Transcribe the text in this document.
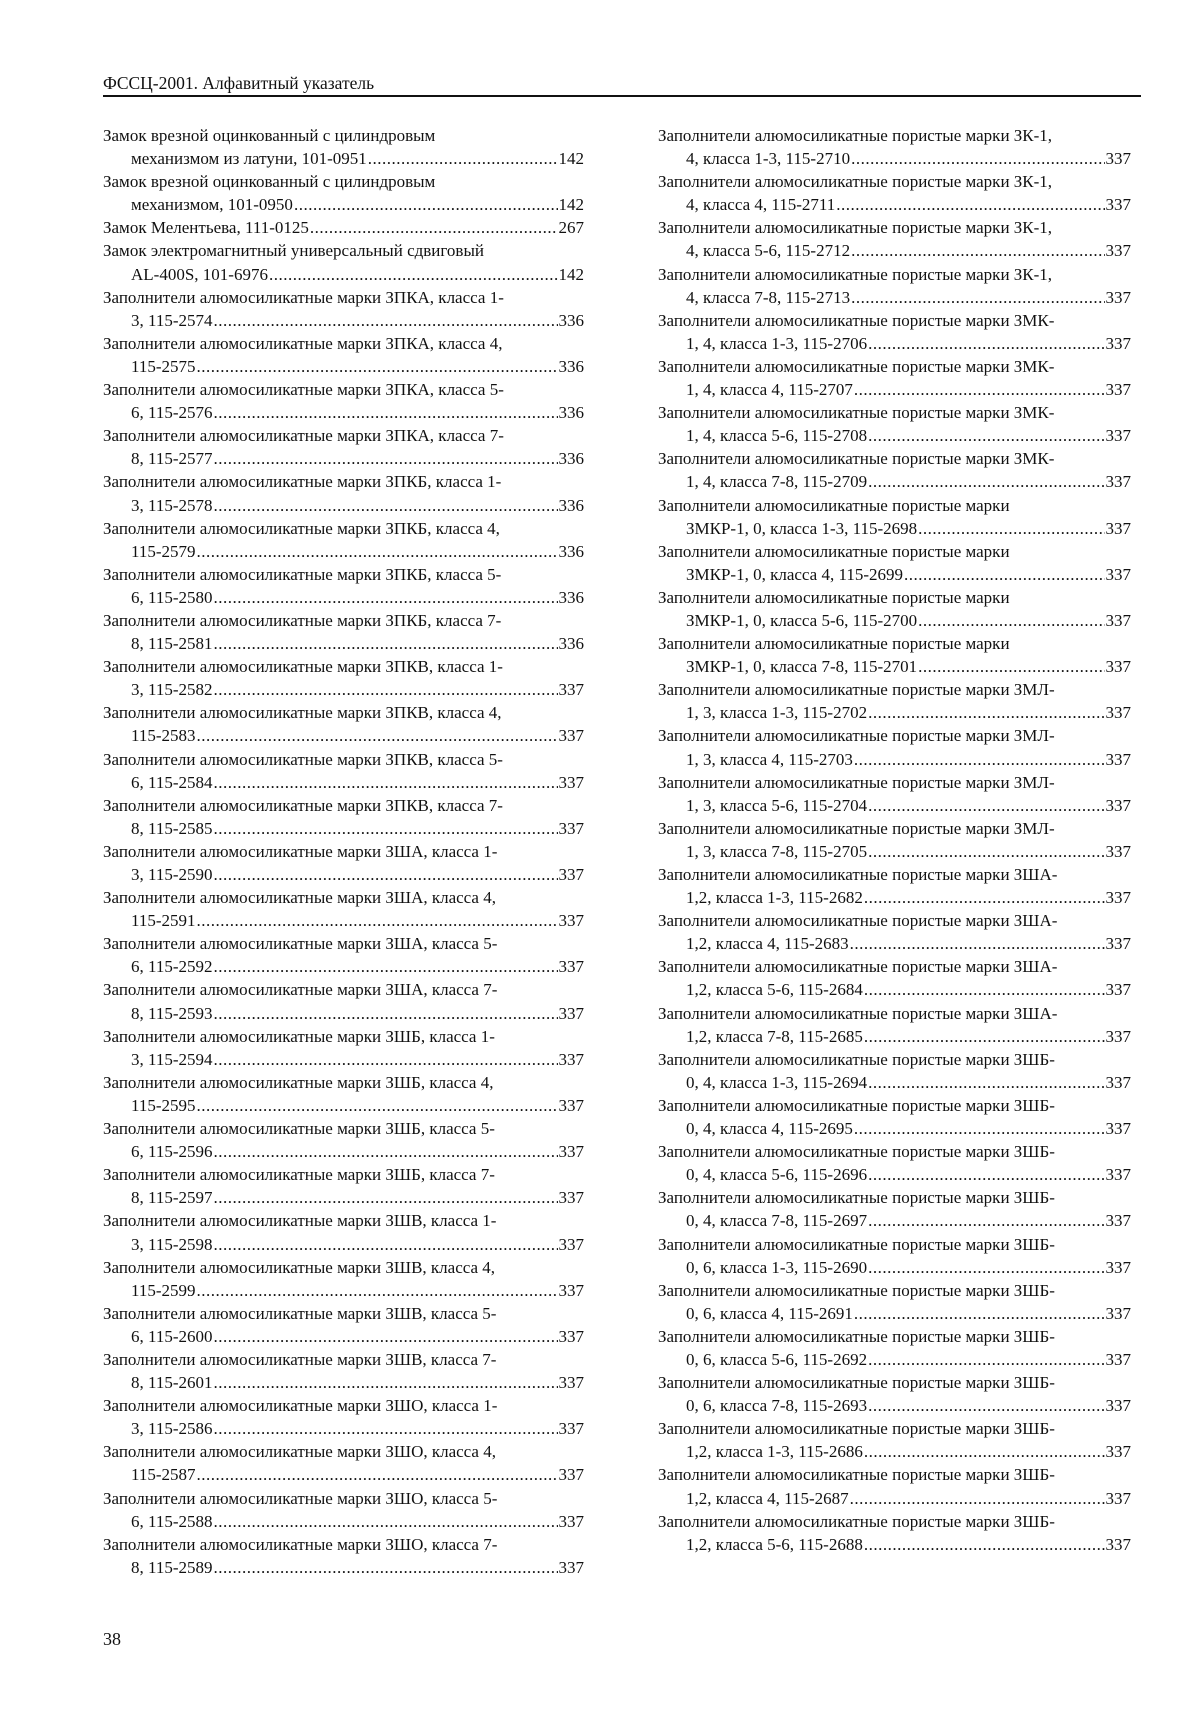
ФССЦ-2001. Алфавитный указатель
Замок врезной оцинкованный с цилиндровым
механизмом из латуни, 101-0951 .....	142
Замок врезной оцинкованный с цилиндровым
механизмом, 101-0950 .....	142
Замок Мелентьева, 111-0125 .....	267
Замок электромагнитный универсальный сдвиговый
AL-400S, 101-6976 .....	142
Заполнители алюмосиликатные марки ЗПКА, класса 1-
3, 115-2574 .....	336
Заполнители алюмосиликатные марки ЗПКА, класса 4,
115-2575 .....	336
Заполнители алюмосиликатные марки ЗПКА, класса 5-
6, 115-2576 .....	336
Заполнители алюмосиликатные марки ЗПКА, класса 7-
8, 115-2577 .....	336
Заполнители алюмосиликатные марки ЗПКБ, класса 1-
3, 115-2578 .....	336
Заполнители алюмосиликатные марки ЗПКБ, класса 4,
115-2579 .....	336
Заполнители алюмосиликатные марки ЗПКБ, класса 5-
6, 115-2580 .....	336
Заполнители алюмосиликатные марки ЗПКБ, класса 7-
8, 115-2581 .....	336
Заполнители алюмосиликатные марки ЗПКВ, класса 1-
3, 115-2582 .....	337
Заполнители алюмосиликатные марки ЗПКВ, класса 4,
115-2583 .....	337
Заполнители алюмосиликатные марки ЗПКВ, класса 5-
6, 115-2584 .....	337
Заполнители алюмосиликатные марки ЗПКВ, класса 7-
8, 115-2585 .....	337
Заполнители алюмосиликатные марки ЗША, класса 1-
3, 115-2590 .....	337
Заполнители алюмосиликатные марки ЗША, класса 4,
115-2591 .....	337
Заполнители алюмосиликатные марки ЗША, класса 5-
6, 115-2592 .....	337
Заполнители алюмосиликатные марки ЗША, класса 7-
8, 115-2593 .....	337
Заполнители алюмосиликатные марки ЗШБ, класса 1-
3, 115-2594 .....	337
Заполнители алюмосиликатные марки ЗШБ, класса 4,
115-2595 .....	337
Заполнители алюмосиликатные марки ЗШБ, класса 5-
6, 115-2596 .....	337
Заполнители алюмосиликатные марки ЗШБ, класса 7-
8, 115-2597 .....	337
Заполнители алюмосиликатные марки ЗШВ, класса 1-
3, 115-2598 .....	337
Заполнители алюмосиликатные марки ЗШВ, класса 4,
115-2599 .....	337
Заполнители алюмосиликатные марки ЗШВ, класса 5-
6, 115-2600 .....	337
Заполнители алюмосиликатные марки ЗШВ, класса 7-
8, 115-2601 .....	337
Заполнители алюмосиликатные марки ЗШО, класса 1-
3, 115-2586 .....	337
Заполнители алюмосиликатные марки ЗШО, класса 4,
115-2587 .....	337
Заполнители алюмосиликатные марки ЗШО, класса 5-
6, 115-2588 .....	337
Заполнители алюмосиликатные марки ЗШО, класса 7-
8, 115-2589 .....	337
Заполнители алюмосиликатные пористые марки ЗК-1,
4, класса 1-3, 115-2710 .....	337
Заполнители алюмосиликатные пористые марки ЗК-1,
4, класса 4, 115-2711 .....	337
Заполнители алюмосиликатные пористые марки ЗК-1,
4, класса 5-6, 115-2712 .....	337
Заполнители алюмосиликатные пористые марки ЗК-1,
4, класса 7-8, 115-2713 .....	337
Заполнители алюмосиликатные пористые марки ЗМК-
1, 4, класса 1-3, 115-2706 .....	337
Заполнители алюмосиликатные пористые марки ЗМК-
1, 4, класса 4, 115-2707 .....	337
Заполнители алюмосиликатные пористые марки ЗМК-
1, 4, класса 5-6, 115-2708 .....	337
Заполнители алюмосиликатные пористые марки ЗМК-
1, 4, класса 7-8, 115-2709 .....	337
Заполнители алюмосиликатные пористые марки
ЗМКР-1, 0, класса 1-3, 115-2698 .....	337
Заполнители алюмосиликатные пористые марки
ЗМКР-1, 0, класса 4, 115-2699 .....	337
Заполнители алюмосиликатные пористые марки
ЗМКР-1, 0, класса 5-6, 115-2700 .....	337
Заполнители алюмосиликатные пористые марки
ЗМКР-1, 0, класса 7-8, 115-2701 .....	337
Заполнители алюмосиликатные пористые марки ЗМЛ-
1, 3, класса 1-3, 115-2702 .....	337
Заполнители алюмосиликатные пористые марки ЗМЛ-
1, 3, класса 4, 115-2703 .....	337
Заполнители алюмосиликатные пористые марки ЗМЛ-
1, 3, класса 5-6, 115-2704 .....	337
Заполнители алюмосиликатные пористые марки ЗМЛ-
1, 3, класса 7-8, 115-2705 .....	337
Заполнители алюмосиликатные пористые марки ЗША-
1,2, класса 1-3, 115-2682 .....	337
Заполнители алюмосиликатные пористые марки ЗША-
1,2, класса 4, 115-2683 .....	337
Заполнители алюмосиликатные пористые марки ЗША-
1,2, класса 5-6, 115-2684 .....	337
Заполнители алюмосиликатные пористые марки ЗША-
1,2, класса 7-8, 115-2685 .....	337
Заполнители алюмосиликатные пористые марки ЗШБ-
0, 4, класса 1-3, 115-2694 .....	337
Заполнители алюмосиликатные пористые марки ЗШБ-
0, 4, класса 4, 115-2695 .....	337
Заполнители алюмосиликатные пористые марки ЗШБ-
0, 4, класса 5-6, 115-2696 .....	337
Заполнители алюмосиликатные пористые марки ЗШБ-
0, 4, класса 7-8, 115-2697 .....	337
Заполнители алюмосиликатные пористые марки ЗШБ-
0, 6, класса 1-3, 115-2690 .....	337
Заполнители алюмосиликатные пористые марки ЗШБ-
0, 6, класса 4, 115-2691 .....	337
Заполнители алюмосиликатные пористые марки ЗШБ-
0, 6, класса 5-6, 115-2692 .....	337
Заполнители алюмосиликатные пористые марки ЗШБ-
0, 6, класса 7-8, 115-2693 .....	337
Заполнители алюмосиликатные пористые марки ЗШБ-
1,2, класса 1-3, 115-2686 .....	337
Заполнители алюмосиликатные пористые марки ЗШБ-
1,2, класса 4, 115-2687 .....	337
Заполнители алюмосиликатные пористые марки ЗШБ-
1,2, класса 5-6, 115-2688 .....	337
38
